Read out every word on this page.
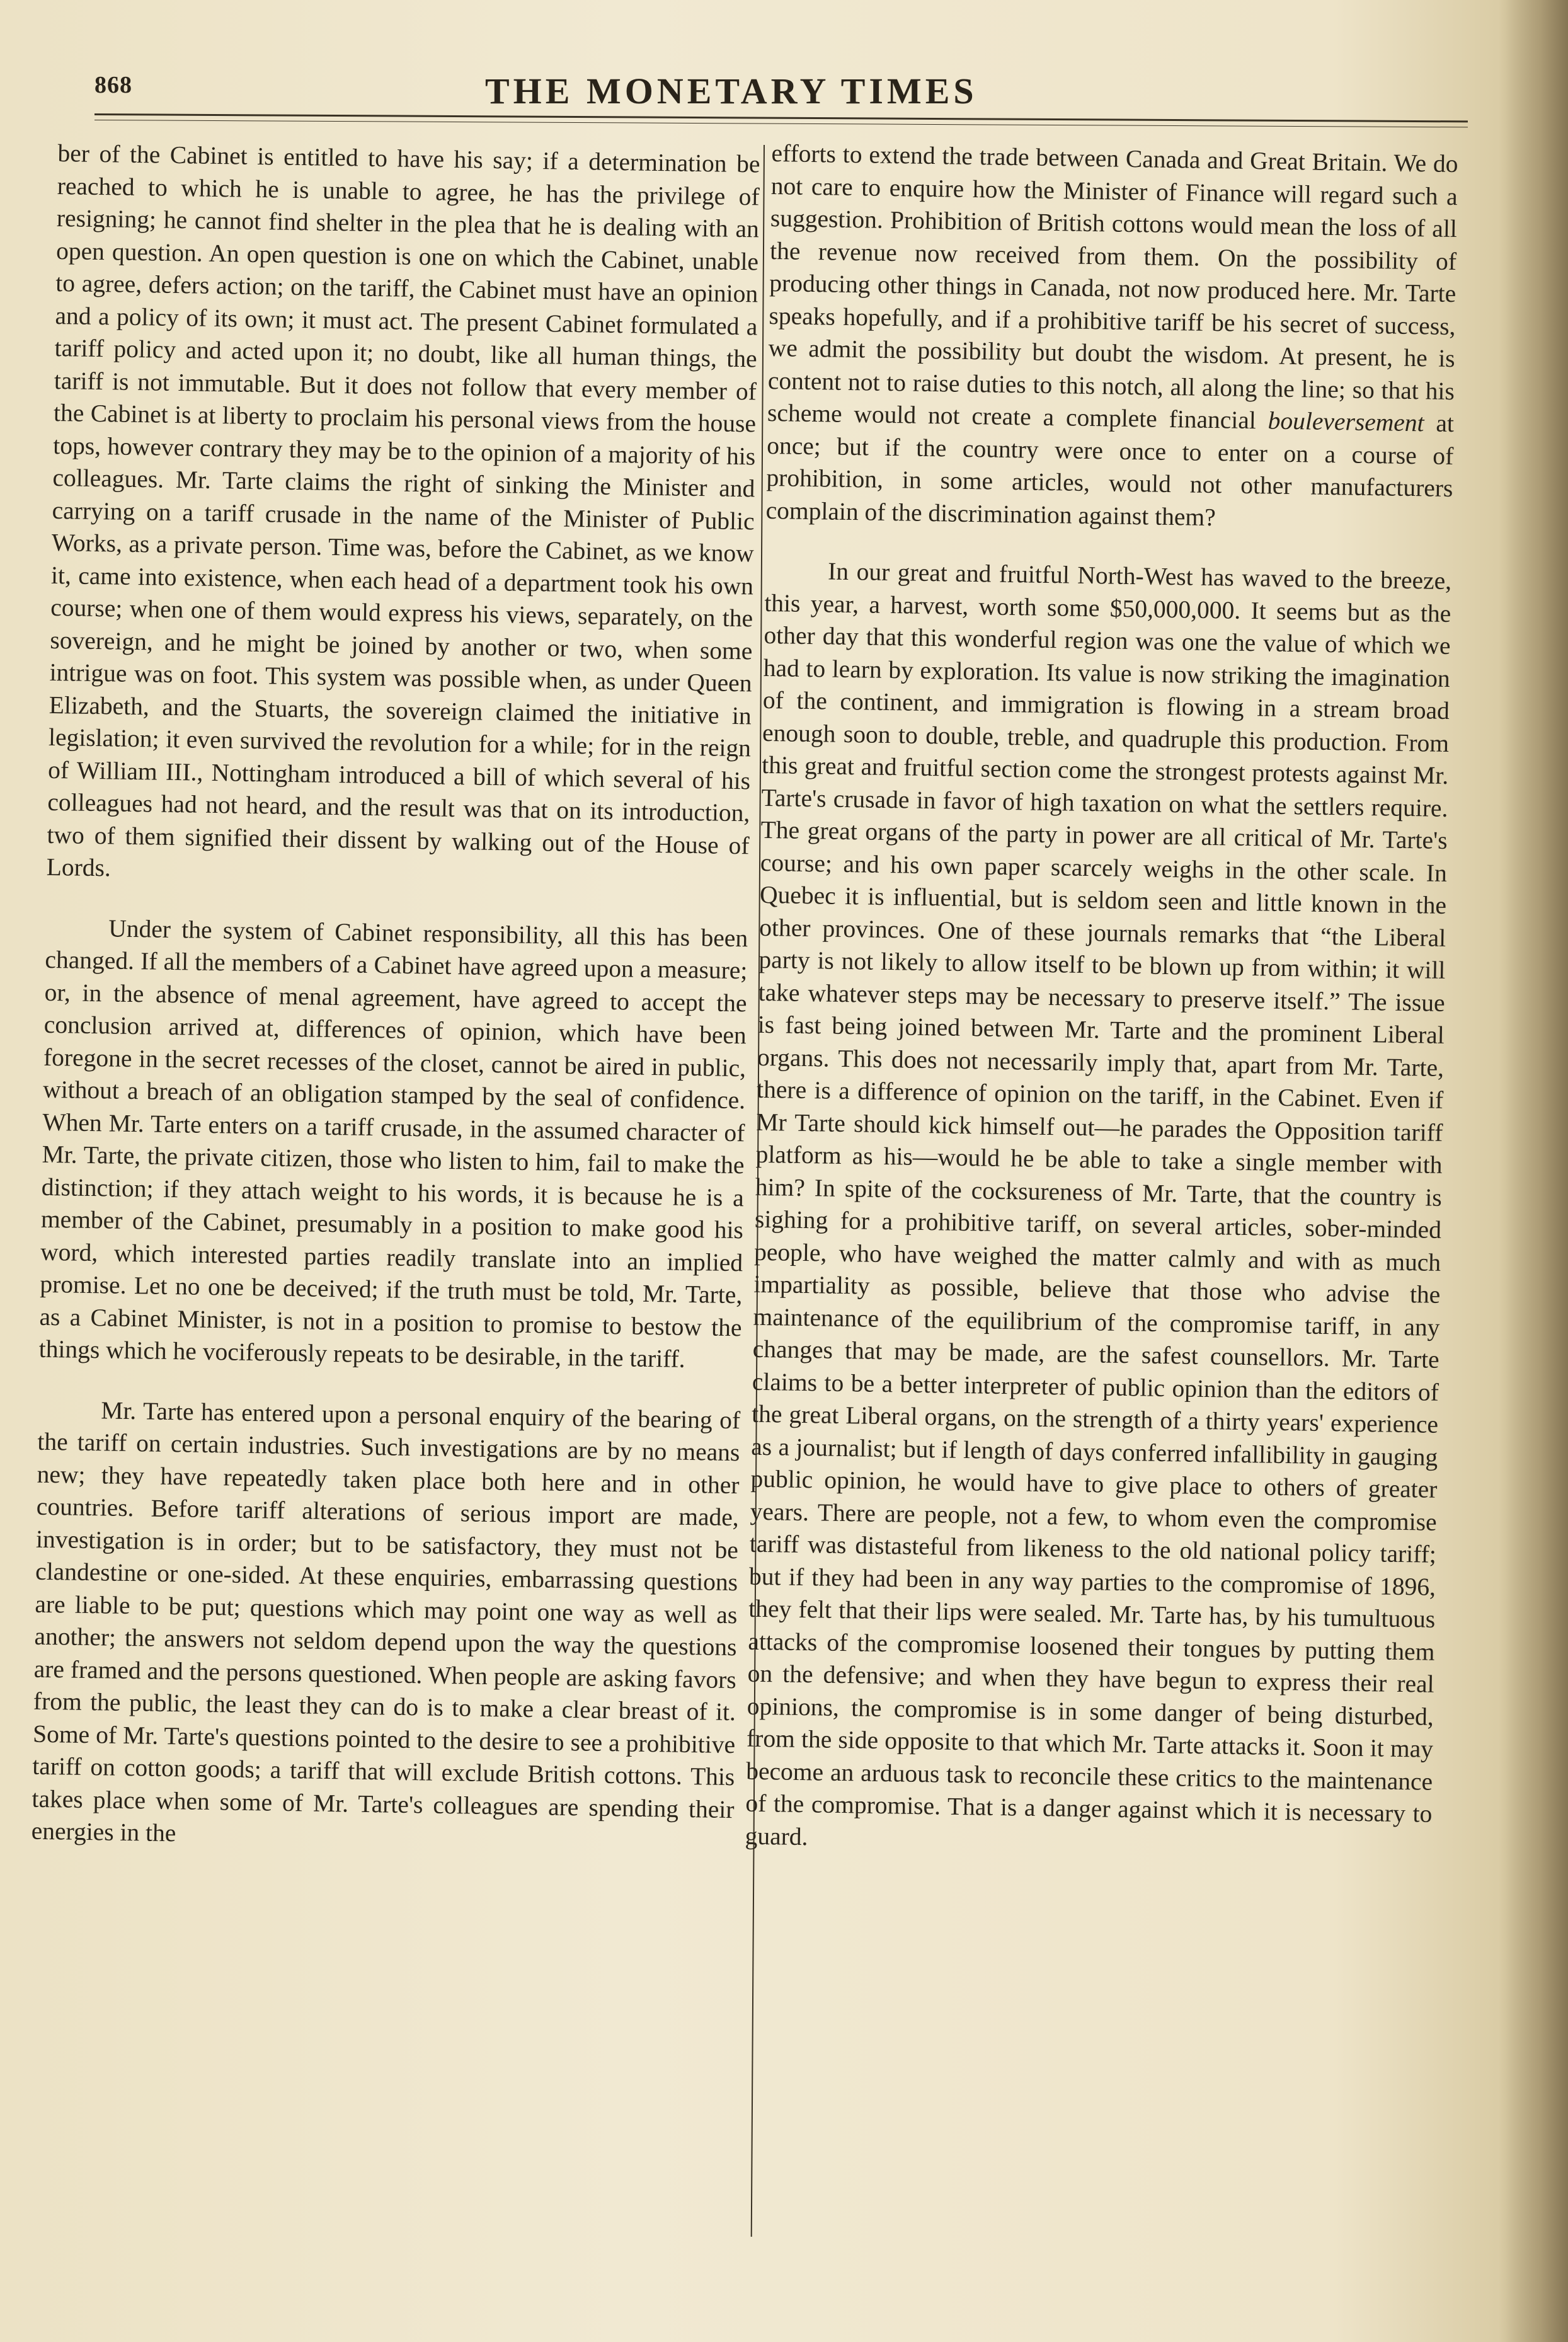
868	THE MONETARY TIMES

ber of the Cabinet is entitled to have his say; if a determination be reached to which he is unable to agree, he has the privilege of resigning; he cannot find shelter in the plea that he is dealing with an open question. An open question is one on which the Cabinet, unable to agree, defers action; on the tariff, the Cabinet must have an opinion and a policy of its own; it must act. The present Cabinet formulated a tariff policy and acted upon it; no doubt, like all human things, the tariff is not immutable. But it does not follow that every member of the Cabinet is at liberty to proclaim his personal views from the house tops, however contrary they may be to the opinion of a majority of his colleagues. Mr. Tarte claims the right of sinking the Minister and carrying on a tariff crusade in the name of the Minister of Public Works, as a private person. Time was, before the Cabinet, as we know it, came into existence, when each head of a department took his own course; when one of them would express his views, separately, on the sovereign, and he might be joined by another or two, when some intrigue was on foot. This system was possible when, as under Queen Elizabeth, and the Stuarts, the sovereign claimed the initiative in legislation; it even survived the revolution for a while; for in the reign of William III., Nottingham introduced a bill of which several of his colleagues had not heard, and the result was that on its introduction, two of them signified their dissent by walking out of the House of Lords.

Under the system of Cabinet responsibility, all this has been changed. If all the members of a Cabinet have agreed upon a measure; or, in the absence of menal agreement, have agreed to accept the conclusion arrived at, differences of opinion, which have been foregone in the secret recesses of the closet, cannot be aired in public, without a breach of an obligation stamped by the seal of confidence. When Mr. Tarte enters on a tariff crusade, in the assumed character of Mr. Tarte, the private citizen, those who listen to him, fail to make the distinction; if they attach weight to his words, it is because he is a member of the Cabinet, presumably in a position to make good his word, which interested parties readily translate into an implied promise. Let no one be deceived; if the truth must be told, Mr. Tarte, as a Cabinet Minister, is not in a position to promise to bestow the things which he vociferously repeats to be desirable, in the tariff.

Mr. Tarte has entered upon a personal enquiry of the bearing of the tariff on certain industries. Such investigations are by no means new; they have repeatedly taken place both here and in other countries. Before tariff alterations of serious import are made, investigation is in order; but to be satisfactory, they must not be clandestine or one-sided. At these enquiries, embarrassing questions are liable to be put; questions which may point one way as well as another; the answers not seldom depend upon the way the questions are framed and the persons questioned. When people are asking favors from the public, the least they can do is to make a clear breast of it. Some of Mr. Tarte's questions pointed to the desire to see a prohibitive tariff on cotton goods; a tariff that will exclude British cottons. This takes place when some of Mr. Tarte's colleagues are spending their energies in the

efforts to extend the trade between Canada and Great Britain. We do not care to enquire how the Minister of Finance will regard such a suggestion. Prohibition of British cottons would mean the loss of all the revenue now received from them. On the possibility of producing other things in Canada, not now produced here. Mr. Tarte speaks hopefully, and if a prohibitive tariff be his secret of success, we admit the possibility but doubt the wisdom. At present, he is content not to raise duties to this notch, all along the line; so that his scheme would not create a complete financial bouleversement at once; but if the country were once to enter on a course of prohibition, in some articles, would not other manufacturers complain of the discrimination against them?

In our great and fruitful North-West has waved to the breeze, this year, a harvest, worth some $50,000,000. It seems but as the other day that this wonderful region was one the value of which we had to learn by exploration. Its value is now striking the imagination of the continent, and immigration is flowing in a stream broad enough soon to double, treble, and quadruple this production. From this great and fruitful section come the strongest protests against Mr. Tarte's crusade in favor of high taxation on what the settlers require. The great organs of the party in power are all critical of Mr. Tarte's course; and his own paper scarcely weighs in the other scale. In Quebec it is influential, but is seldom seen and little known in the other provinces. One of these journals remarks that “the Liberal party is not likely to allow itself to be blown up from within; it will take whatever steps may be necessary to preserve itself.” The issue is fast being joined between Mr. Tarte and the prominent Liberal organs. This does not necessarily imply that, apart from Mr. Tarte, there is a difference of opinion on the tariff, in the Cabinet. Even if Mr Tarte should kick himself out—he parades the Opposition tariff platform as his—would he be able to take a single member with him? In spite of the cocksureness of Mr. Tarte, that the country is sighing for a prohibitive tariff, on several articles, sober-minded people, who have weighed the matter calmly and with as much impartiality as possible, believe that those who advise the maintenance of the equilibrium of the compromise tariff, in any changes that may be made, are the safest counsellors. Mr. Tarte claims to be a better interpreter of public opinion than the editors of the great Liberal organs, on the strength of a thirty years' experience as a journalist; but if length of days conferred infallibility in gauging public opinion, he would have to give place to others of greater years. There are people, not a few, to whom even the compromise tariff was distasteful from likeness to the old national policy tariff; but if they had been in any way parties to the compromise of 1896, they felt that their lips were sealed. Mr. Tarte has, by his tumultuous attacks of the compromise loosened their tongues by putting them on the defensive; and when they have begun to express their real opinions, the compromise is in some danger of being disturbed, from the side opposite to that which Mr. Tarte attacks it. Soon it may become an arduous task to reconcile these critics to the maintenance of the compromise. That is a danger against which it is necessary to guard.
